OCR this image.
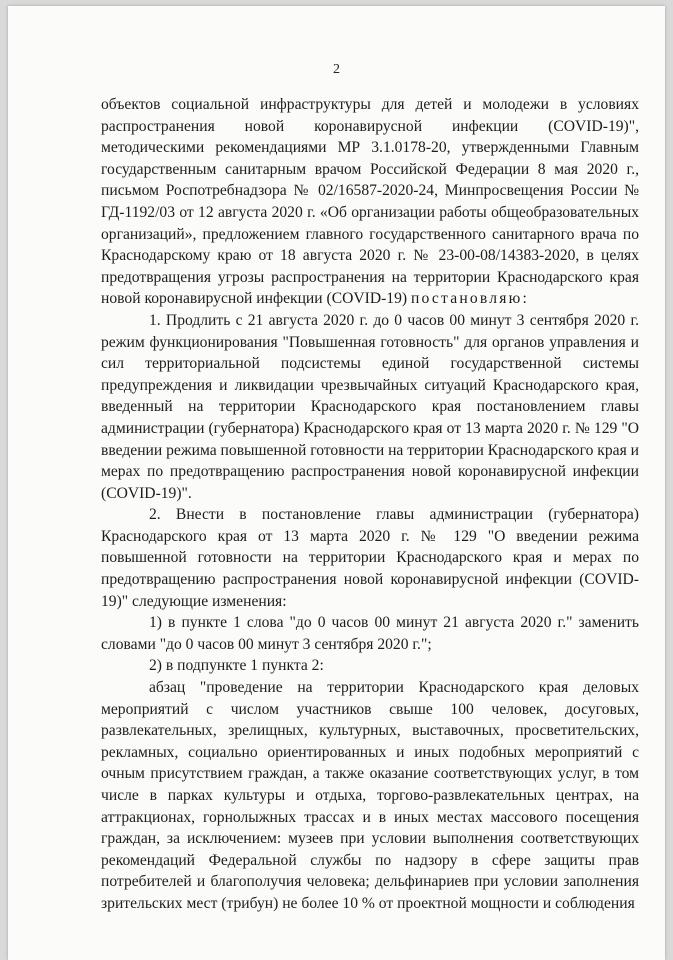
2

объектов социальной инфраструктуры для детей и молодежи в условиях распространения новой коронавирусной инфекции (COVID-19)", методическими рекомендациями МР 3.1.0178-20, утвержденными Главным государственным санитарным врачом Российской Федерации 8 мая 2020 г., письмом Роспотребнадзора № 02/16587-2020-24, Минпросвещения России № ГД-1192/03 от 12 августа 2020 г. «Об организации работы общеобразовательных организаций», предложением главного государственного санитарного врача по Краснодарскому краю от 18 августа 2020 г. № 23-00-08/14383-2020, в целях предотвращения угрозы распространения на территории Краснодарского края новой коронавирусной инфекции (COVID-19) постановляю:

1. Продлить с 21 августа 2020 г. до 0 часов 00 минут 3 сентября 2020 г. режим функционирования "Повышенная готовность" для органов управления и сил территориальной подсистемы единой государственной системы предупреждения и ликвидации чрезвычайных ситуаций Краснодарского края, введенный на территории Краснодарского края постановлением главы администрации (губернатора) Краснодарского края от 13 марта 2020 г. № 129 "О введении режима повышенной готовности на территории Краснодарского края и мерах по предотвращению распространения новой коронавирусной инфекции (COVID-19)".

2. Внести в постановление главы администрации (губернатора) Краснодарского края от 13 марта 2020 г. № 129 "О введении режима повышенной готовности на территории Краснодарского края и мерах по предотвращению распространения новой коронавирусной инфекции (COVID-19)" следующие изменения:

1) в пункте 1 слова "до 0 часов 00 минут 21 августа 2020 г." заменить словами "до 0 часов 00 минут 3 сентября 2020 г.";

2) в подпункте 1 пункта 2:

абзац "проведение на территории Краснодарского края деловых мероприятий с числом участников свыше 100 человек, досуговых, развлекательных, зрелищных, культурных, выставочных, просветительских, рекламных, социально ориентированных и иных подобных мероприятий с очным присутствием граждан, а также оказание соответствующих услуг, в том числе в парках культуры и отдыха, торгово-развлекательных центрах, на аттракционах, горнолыжных трассах и в иных местах массового посещения граждан, за исключением: музеев при условии выполнения соответствующих рекомендаций Федеральной службы по надзору в сфере защиты прав потребителей и благополучия человека; дельфинариев при условии заполнения зрительских мест (трибун) не более 10 % от проектной мощности и соблюдения
